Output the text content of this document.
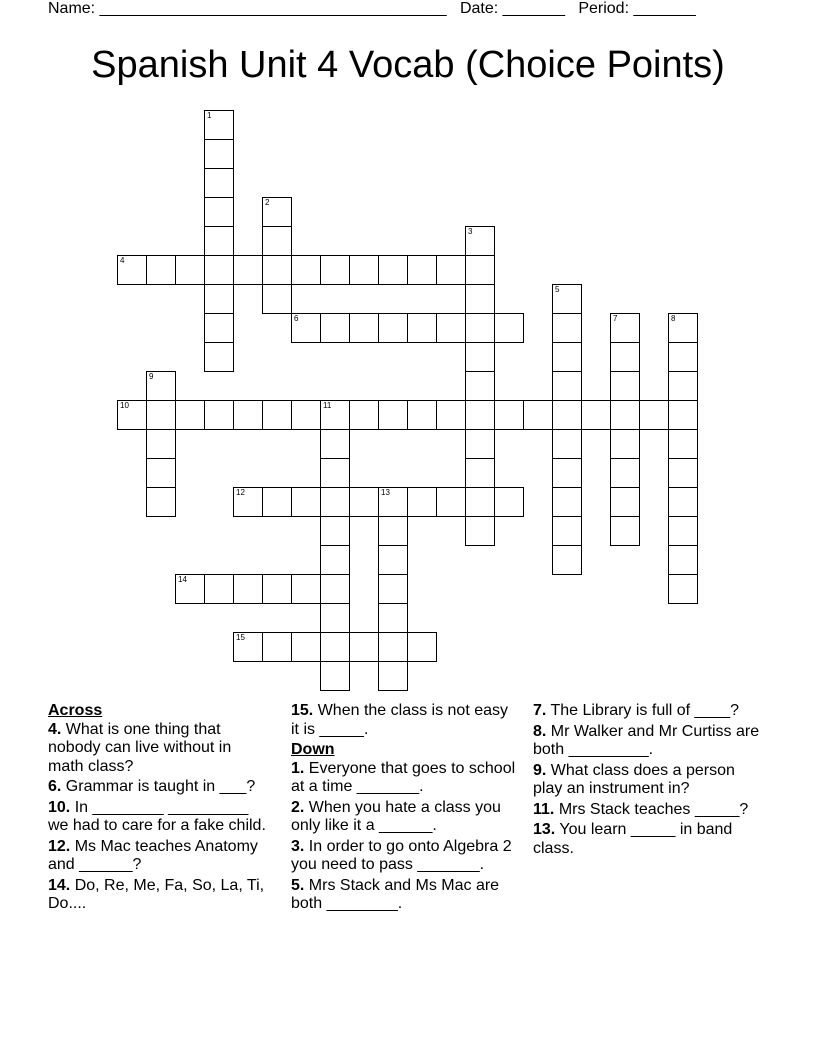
Name: _______________________________________ Date: _______ Period: _______
Spanish Unit 4 Vocab (Choice Points)
1
2
3
4
5
6	7	8
9
10	11
12	13
14
15
Across
4. What is one thing that nobody can live without in math class?
6. Grammar is taught in ___?
10. In ________ _________ we had to care for a fake child.
12. Ms Mac teaches Anatomy and ______?
14. Do, Re, Me, Fa, So, La, Ti, Do....
15. When the class is not easy it is _____.
Down
1. Everyone that goes to school at a time _______.
2. When you hate a class you only like it a ______.
3. In order to go onto Algebra 2 you need to pass _______.
5. Mrs Stack and Ms Mac are both ________.
7. The Library is full of ____?
8. Mr Walker and Mr Curtiss are both _________.
9. What class does a person play an instrument in?
11. Mrs Stack teaches _____?
13. You learn _____ in band class.
